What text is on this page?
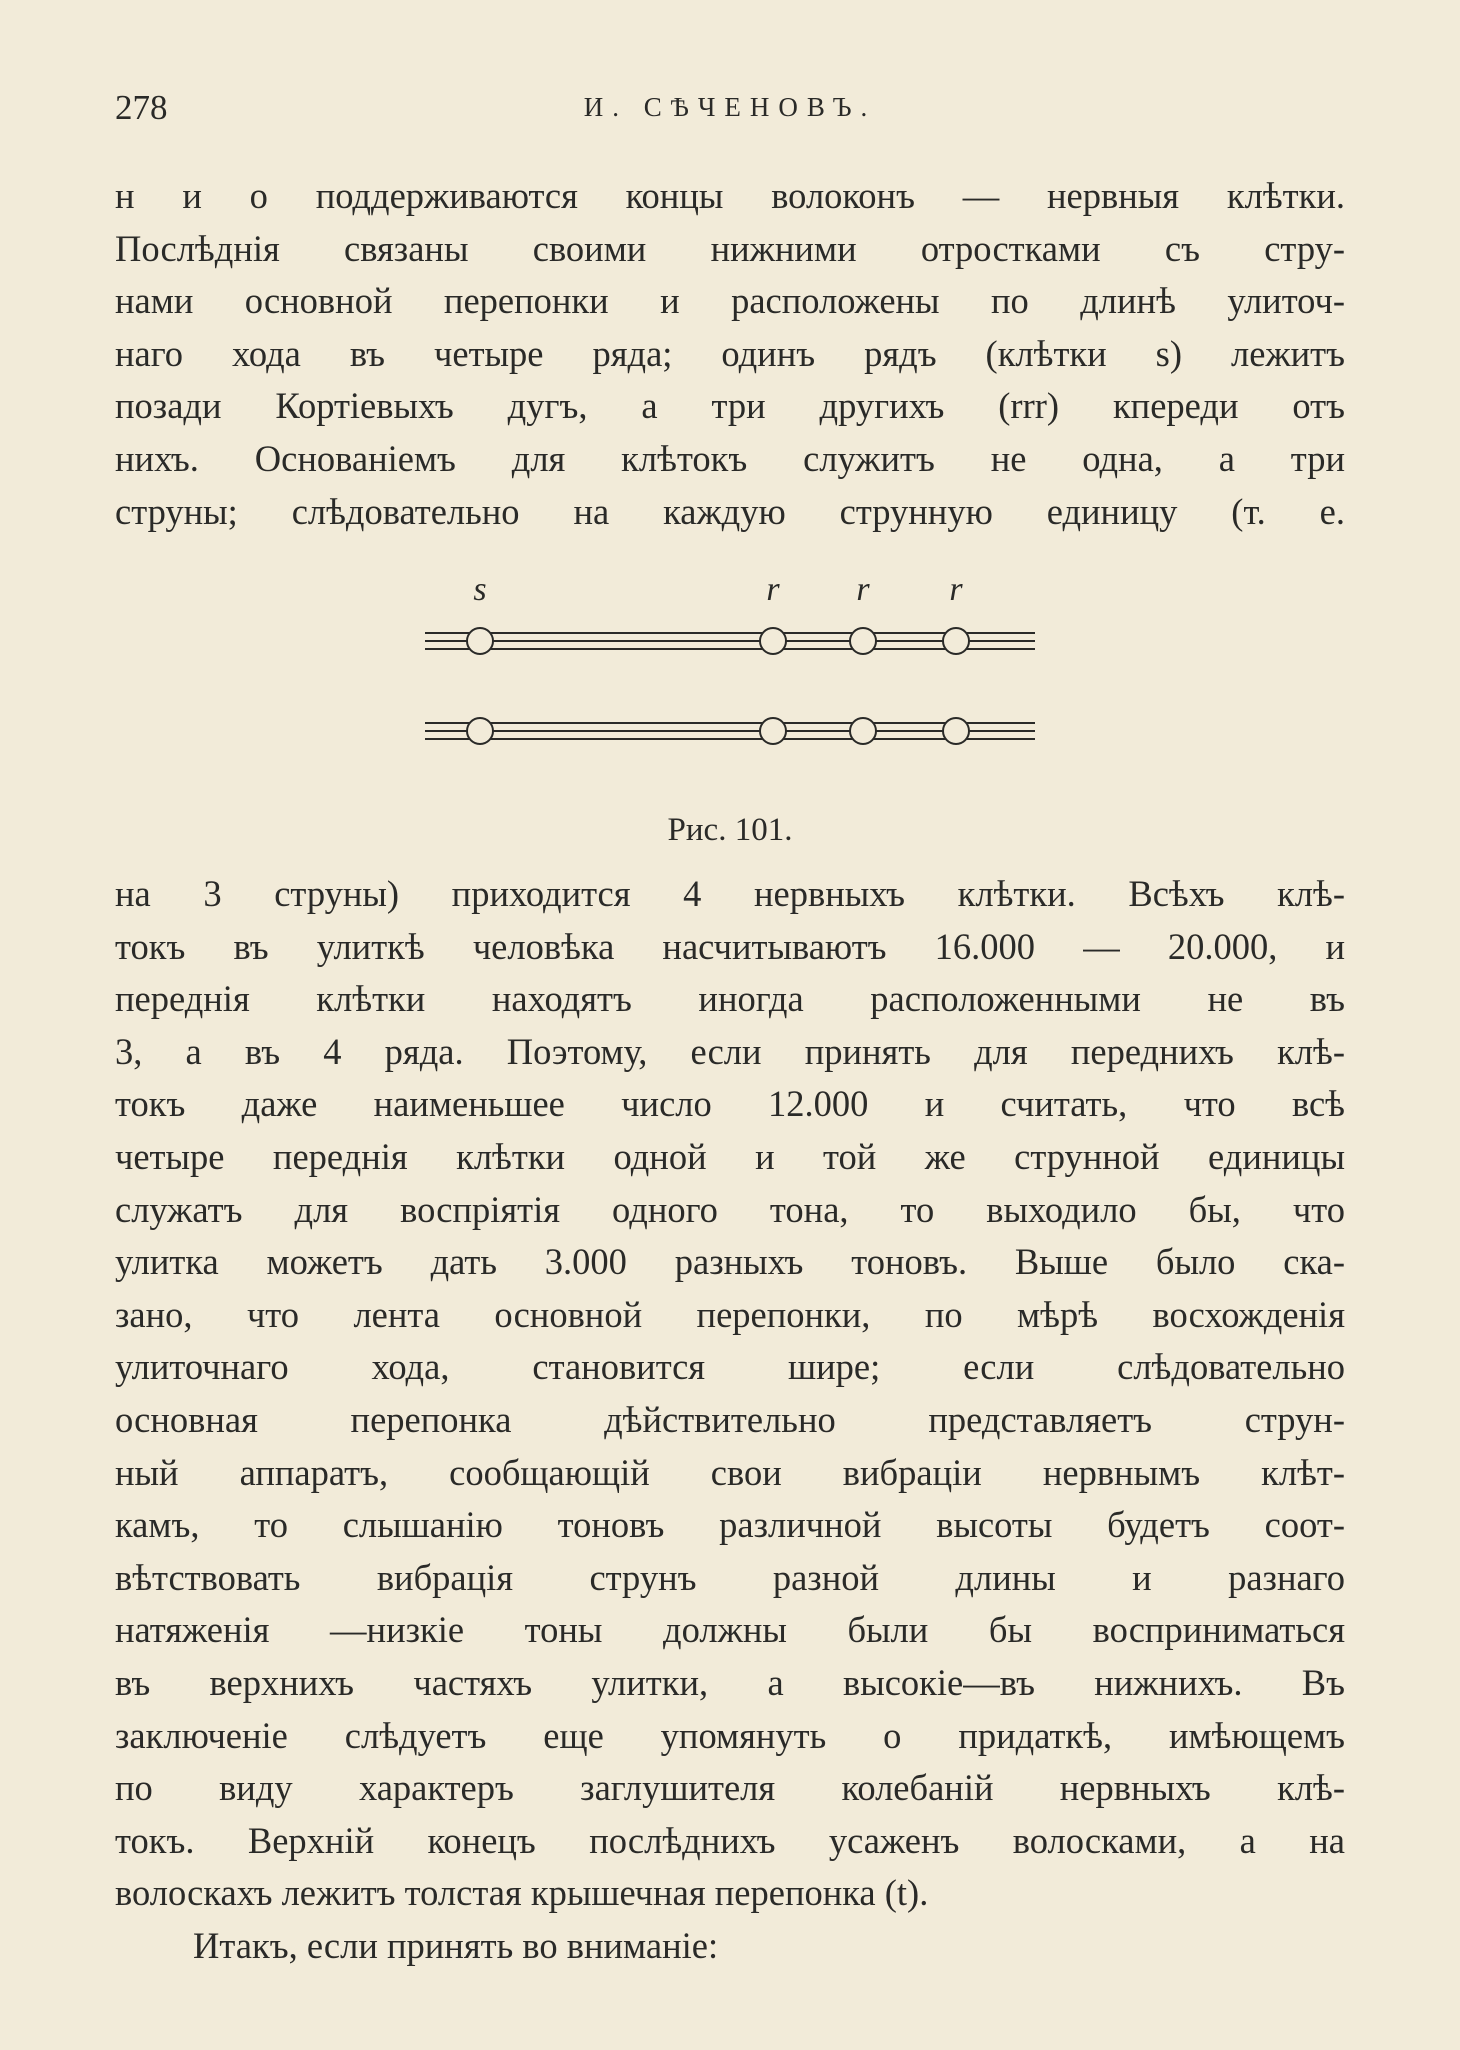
278	И. СѢЧЕНОВЪ.
н и о поддерживаются концы волоконъ — нервныя клѣтки.
Послѣднія связаны своими нижними отростками съ стру-
нами основной перепонки и расположены по длинѣ улиточ-
наго хода въ четыре ряда; одинъ рядъ (клѣтки s) лежитъ
позади Кортіевыхъ дугъ, а три другихъ (rrr) кпереди отъ
нихъ. Основаніемъ для клѣтокъ служитъ не одна, а три
струны; слѣдовательно на каждую струнную единицу (т. е.
s	r r r
Рис. 101.
на 3 струны) приходится 4 нервныхъ клѣтки. Всѣхъ клѣ-
токъ въ улиткѣ человѣка насчитываютъ 16.000 — 20.000, и
переднія клѣтки находятъ иногда расположенными не въ
3, а въ 4 ряда. Поэтому, если принять для переднихъ клѣ-
токъ даже наименьшее число 12.000 и считать, что всѣ
четыре переднія клѣтки одной и той же струнной единицы
служатъ для воспріятія одного тона, то выходило бы, что
улитка можетъ дать 3.000 разныхъ тоновъ. Выше было ска-
зано, что лента основной перепонки, по мѣрѣ восхожденія
улиточнаго хода, становится шире; если слѣдовательно
основная перепонка дѣйствительно представляетъ струн-
ный аппаратъ, сообщающій свои вибраціи нервнымъ клѣт-
камъ, то слышанію тоновъ различной высоты будетъ соот-
вѣтствовать вибрація струнъ разной длины и разнаго
натяженія —низкіе тоны должны были бы восприниматься
въ верхнихъ частяхъ улитки, а высокіе—въ нижнихъ. Въ
заключеніе слѣдуетъ еще упомянуть о придаткѣ, имѣющемъ
по виду характеръ заглушителя колебаній нервныхъ клѣ-
токъ. Верхній конецъ послѣднихъ усаженъ волосками, а на
волоскахъ лежитъ толстая крышечная перепонка (t).
Итакъ, если принять во вниманіе:
